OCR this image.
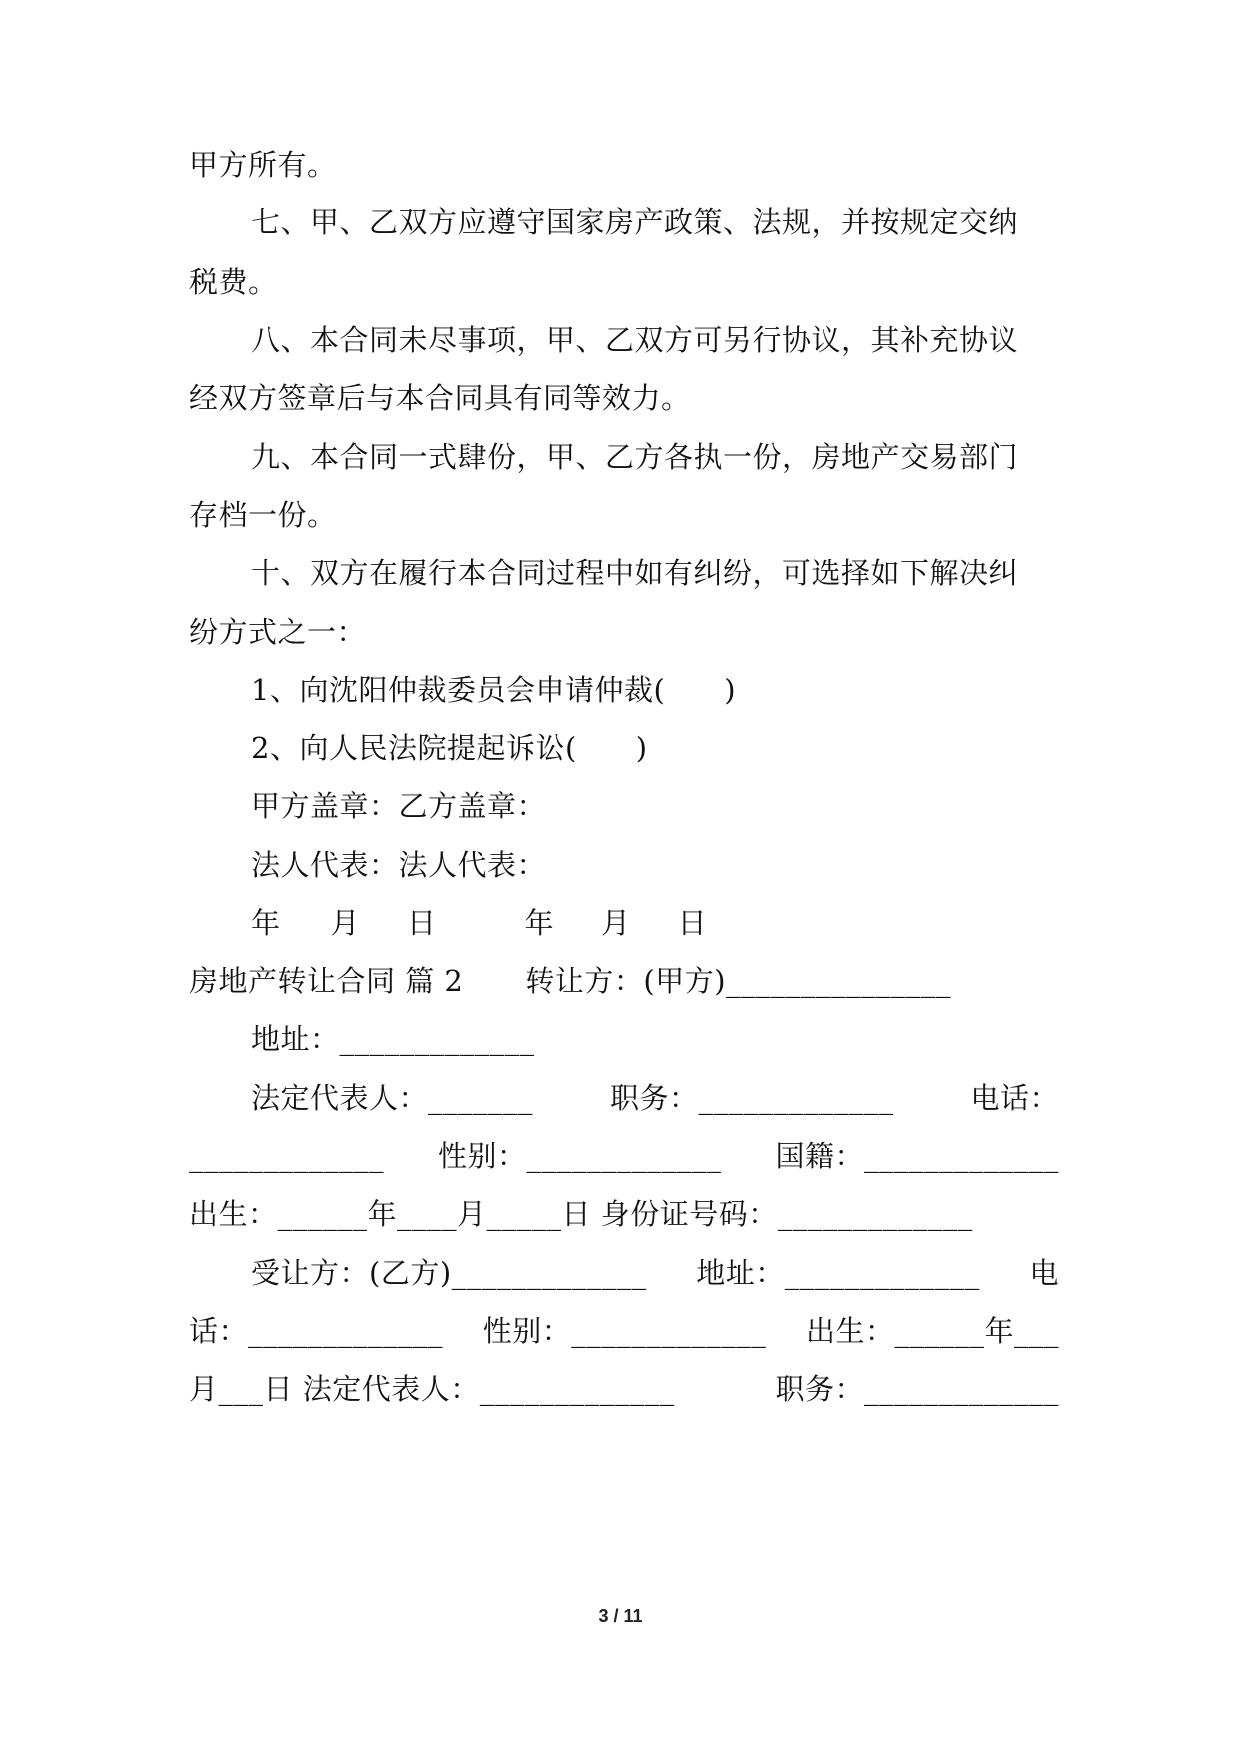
甲方所有。
七、甲、乙双方应遵守国家房产政策、法规，并按规定交纳
税费。
八、本合同未尽事项，甲、乙双方可另行协议，其补充协议
经双方签章后与本合同具有同等效力。
九、本合同一式肆份，甲、乙方各执一份，房地产交易部门
存档一份。
十、双方在履行本合同过程中如有纠纷，可选择如下解决纠
纷方式之一：
1、向沈阳仲裁委员会申请仲裁(　　)
2、向人民法院提起诉讼(　　)
甲方盖章：乙方盖章：
法人代表：法人代表：
年 月 日	年 月 日
房地产转让合同 篇 2 转让方：(甲方)_______________
地址：_____________
法定代表人：_______	职务：_____________	电话：
_____________ 性别：_____________ 国籍：_____________
出生：______年____月_____日 身份证号码：_____________
受让方：(乙方)_____________ 地址：_____________ 电
话：_____________ 性别：_____________ 出生：______年___
月___日 法定代表人：_____________	职务：_____________
3 / 11
